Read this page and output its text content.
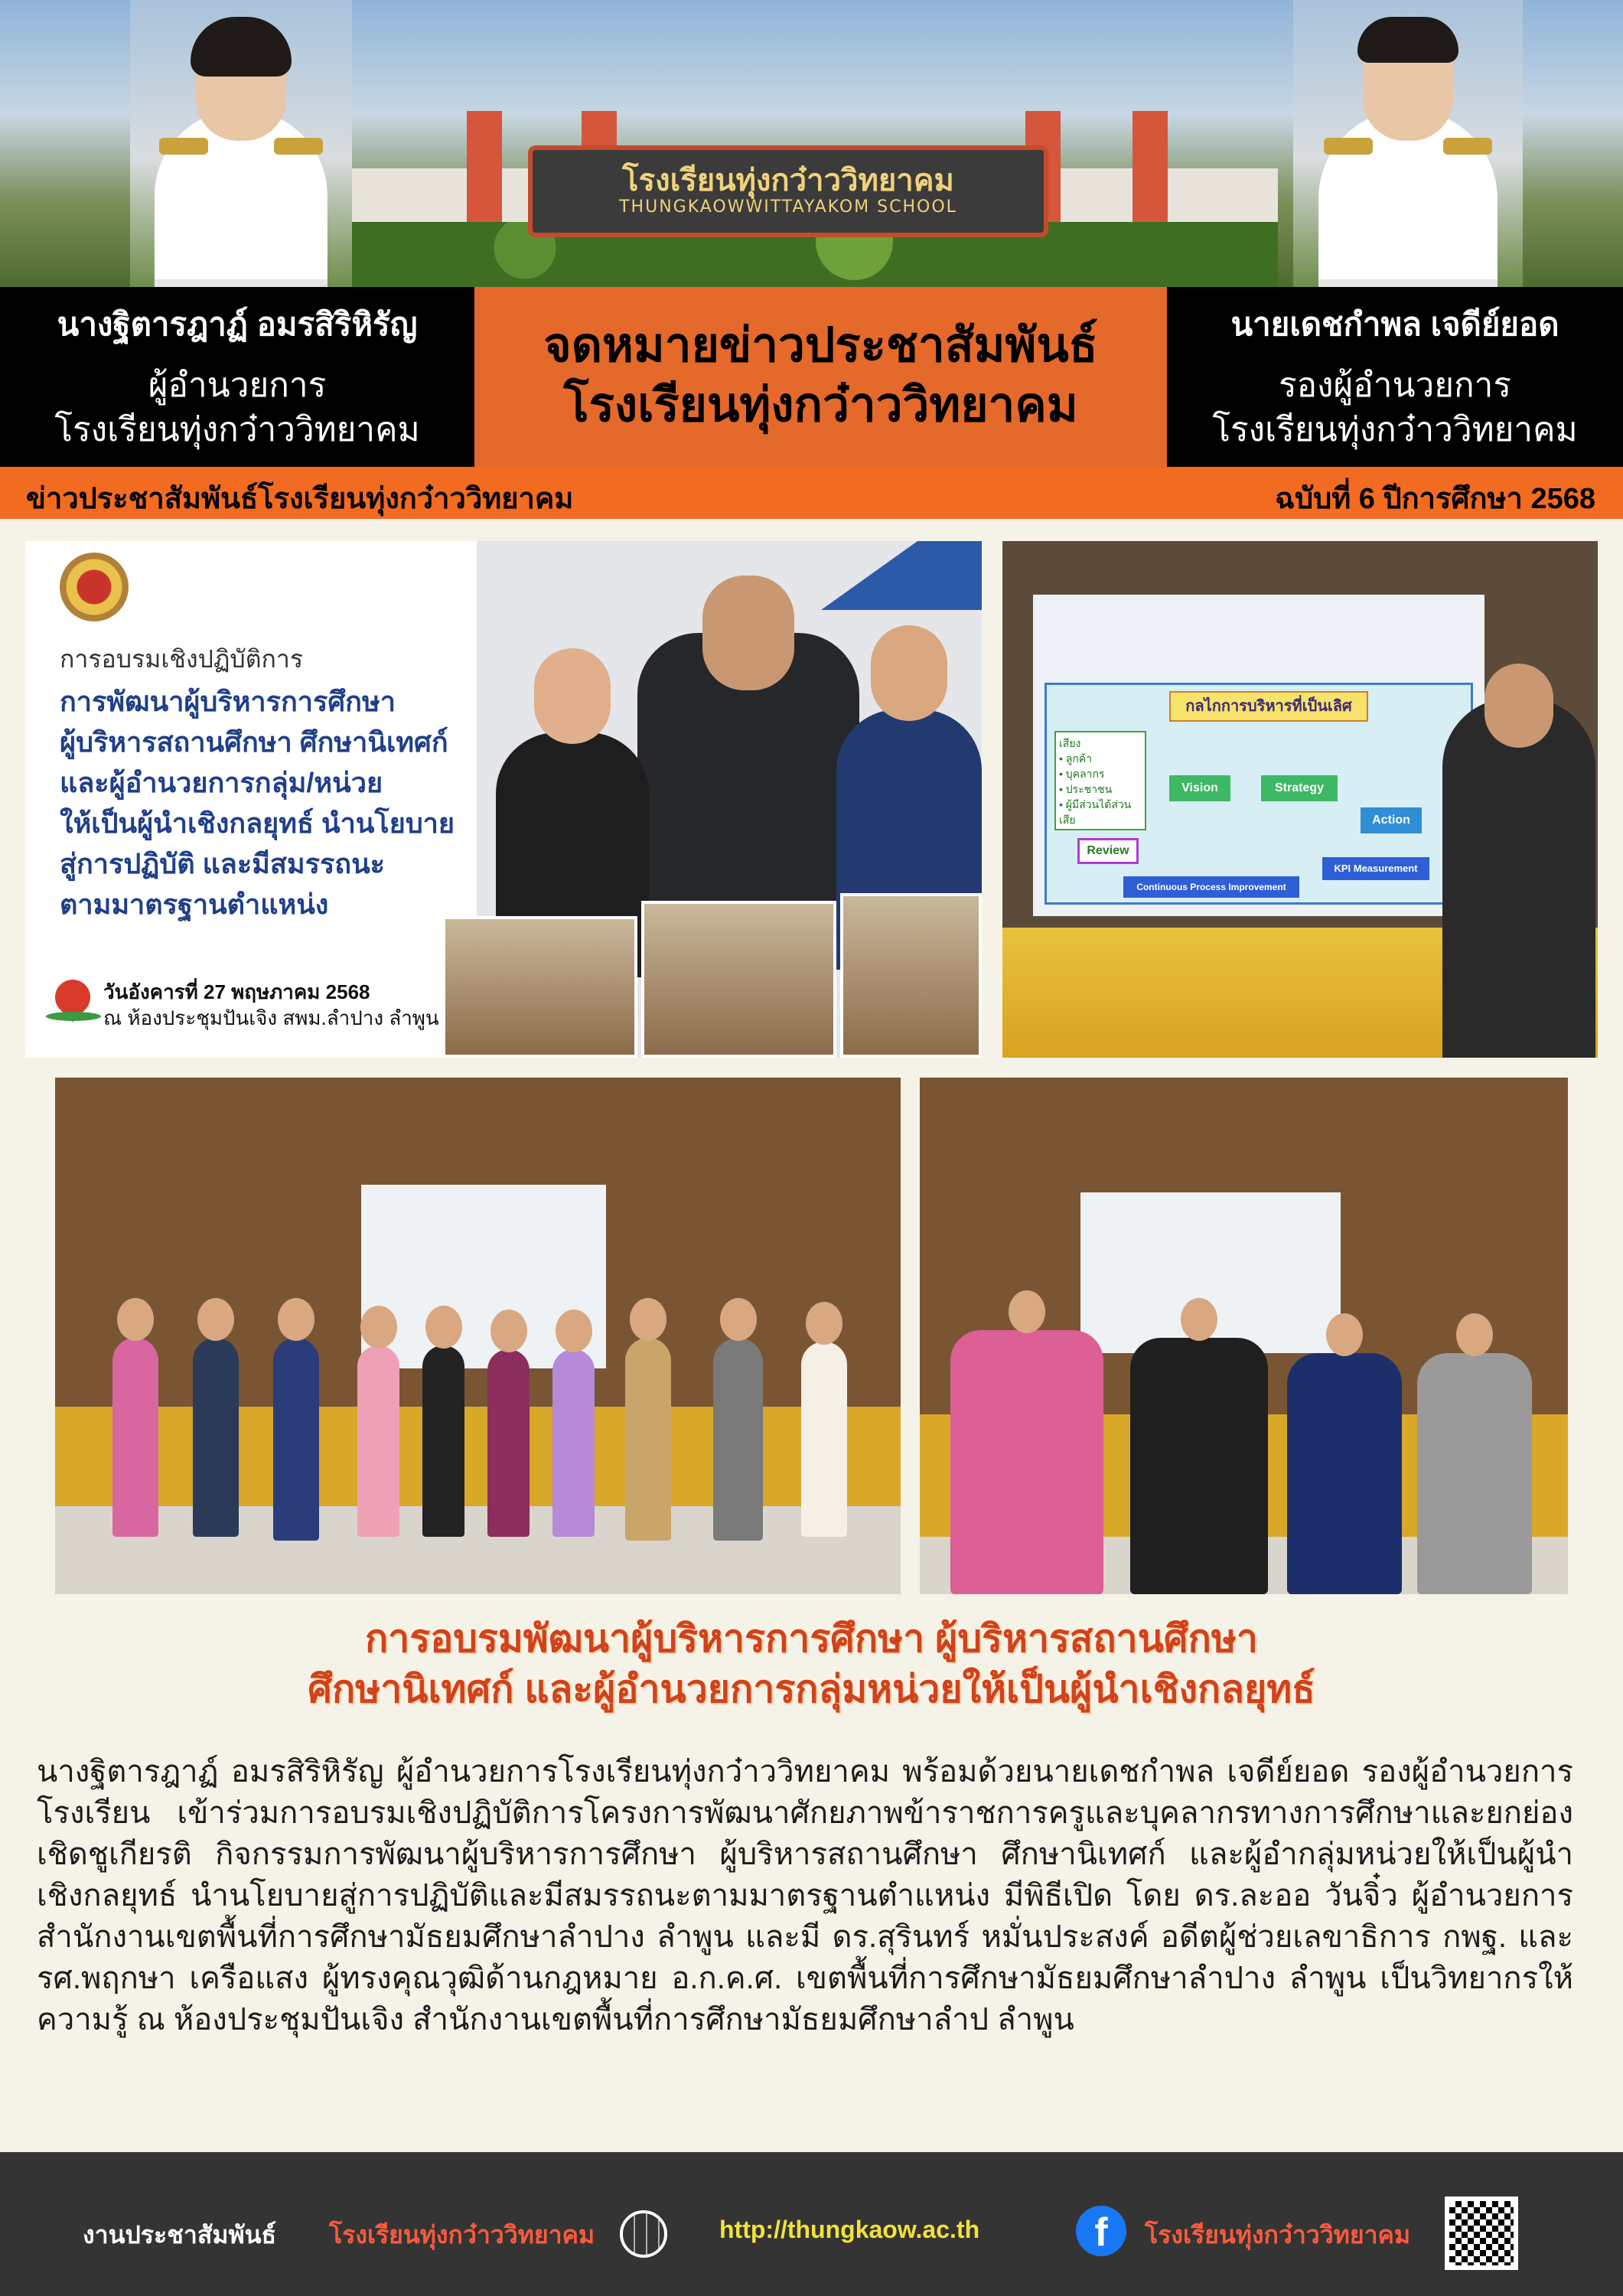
โรงเรียนทุ่งกว๋าววิทยาคม
THUNGKAOWWITTAYAKOM SCHOOL
นางฐิตารฎาฏ์ อมรสิริหิรัญ
ผู้อำนวยการ
โรงเรียนทุ่งกว๋าววิทยาคม
จดหมายข่าวประชาสัมพันธ์
โรงเรียนทุ่งกว๋าววิทยาคม
นายเดชกำพล เจดีย์ยอด
รองผู้อำนวยการ
โรงเรียนทุ่งกว๋าววิทยาคม
ข่าวประชาสัมพันธ์โรงเรียนทุ่งกว๋าววิทยาคม	ฉบับที่ 6 ปีการศึกษา 2568
การอบรมเชิงปฏิบัติการ
การพัฒนาผู้บริหารการศึกษา
ผู้บริหารสถานศึกษา ศึกษานิเทศก์
และผู้อำนวยการกลุ่ม/หน่วย
ให้เป็นผู้นำเชิงกลยุทธ์ นำนโยบาย
สู่การปฏิบัติ และมีสมรรถนะ
ตามมาตรฐานตำแหน่ง
วันอังคารที่ 27 พฤษภาคม 2568
ณ ห้องประชุมปันเจิง สพม.ลำปาง ลำพูน
กลไกการบริหารที่เป็นเลิศ
เสียง
• ลูกค้า
• บุคลากร
• ประชาชน
• ผู้มีส่วนได้ส่วนเสีย
Vision	Strategy
Action
Review
KPI Measurement
Continuous Process Improvement
การอบรมพัฒนาผู้บริหารการศึกษา ผู้บริหารสถานศึกษา
ศึกษานิเทศก์ และผู้อำนวยการกลุ่มหน่วยให้เป็นผู้นำเชิงกลยุทธ์
นางฐิตารฎาฏ์ อมรสิริหิรัญ ผู้อำนวยการโรงเรียนทุ่งกว๋าววิทยาคม พร้อมด้วยนายเดชกำพล เจดีย์ยอด รองผู้อำนวยการโรงเรียน เข้าร่วมการอบรมเชิงปฏิบัติการโครงการพัฒนาศักยภาพข้าราชการครูและบุคลากรทางการศึกษาและยกย่องเชิดชูเกียรติ กิจกรรมการพัฒนาผู้บริหารการศึกษา ผู้บริหารสถานศึกษา ศึกษานิเทศก์ และผู้อำกลุ่มหน่วยให้เป็นผู้นำเชิงกลยุทธ์ นำนโยบายสู่การปฏิบัติและมีสมรรถนะตามมาตรฐานตำแหน่ง มีพิธีเปิด โดย ดร.ละออ วันจิ๋ว ผู้อำนวยการสำนักงานเขตพื้นที่การศึกษามัธยมศึกษาลำปาง ลำพูน และมี ดร.สุรินทร์ หมั่นประสงค์ อดีตผู้ช่วยเลขาธิการ กพฐ. และ รศ.พฤกษา เครือแสง ผู้ทรงคุณวุฒิด้านกฎหมาย อ.ก.ค.ศ. เขตพื้นที่การศึกษามัธยมศึกษาลำปาง ลำพูน เป็นวิทยากรให้ความรู้ ณ ห้องประชุมปันเจิง สำนักงานเขตพื้นที่การศึกษามัธยมศึกษาลำป ลำพูน
งานประชาสัมพันธ์ โรงเรียนทุ่งกว๋าววิทยาคม	http://thungkaow.ac.th	f	โรงเรียนทุ่งกว๋าววิทยาคม
